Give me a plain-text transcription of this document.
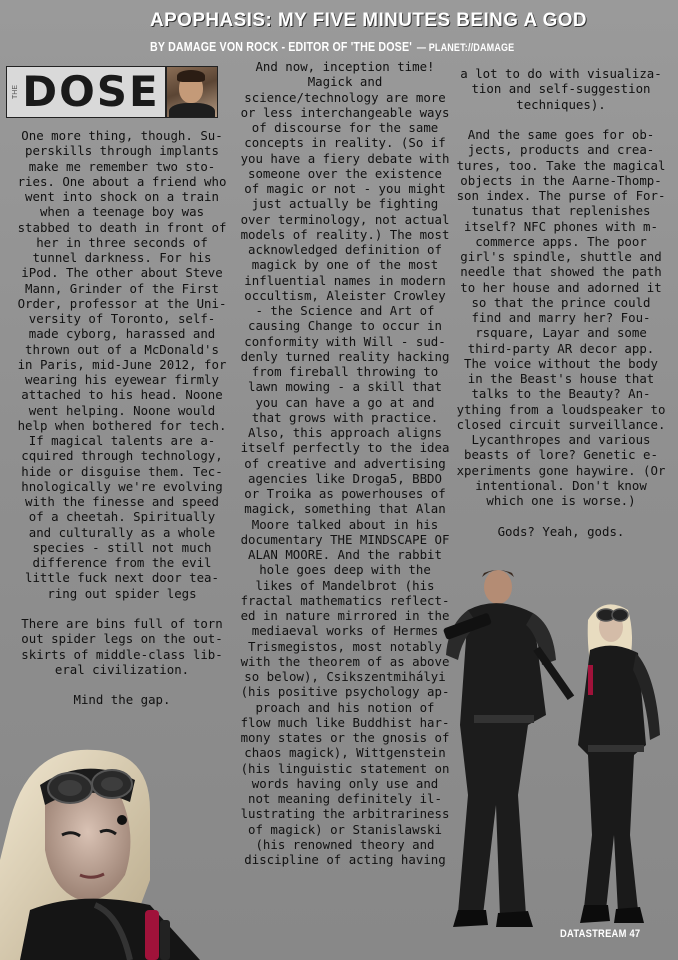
APOPHASIS: MY FIVE MINUTES BEING A GOD
BY DAMAGE VON ROCK - EDITOR OF 'THE DOSE' — PLANET://DAMAGE
THE DOSE
One more thing, though. Su-
perskills through implants
make me remember two sto-
ries. One about a friend who
went into shock on a train
when a teenage boy was
stabbed to death in front of
her in three seconds of
tunnel darkness. For his
iPod. The other about Steve
Mann, Grinder of the First
Order, professor at the Uni-
versity of Toronto, self-
made cyborg, harassed and
thrown out of a McDonald's
in Paris, mid-June 2012, for
wearing his eyewear firmly
attached to his head. Noone
went helping. Noone would
help when bothered for tech.
If magical talents are a-
cquired through technology,
hide or disguise them. Tec-
hnologically we're evolving
with the finesse and speed
of a cheetah. Spiritually
and culturally as a whole
species - still not much
difference from the evil
little fuck next door tea-
ring out spider legs

There are bins full of torn
out spider legs on the out-
skirts of middle-class lib-
eral civilization.

Mind the gap.
And now, inception time!
Magick and
science/technology are more
or less interchangeable ways
of discourse for the same
concepts in reality. (So if
you have a fiery debate with
someone over the existence
of magic or not - you might
just actually be fighting
over terminology, not actual
models of reality.) The most
acknowledged definition of
magick by one of the most
influential names in modern
occultism, Aleister Crowley
- the Science and Art of
causing Change to occur in
conformity with Will - sud-
denly turned reality hacking
from fireball throwing to
lawn mowing - a skill that
you can have a go at and
that grows with practice.
Also, this approach aligns
itself perfectly to the idea
of creative and advertising
agencies like Droga5, BBDO
or Troika as powerhouses of
magick, something that Alan
Moore talked about in his
documentary THE MINDSCAPE OF
ALAN MOORE. And the rabbit
hole goes deep with the
likes of Mandelbrot (his
fractal mathematics reflect-
ed in nature mirrored in the
mediaeval works of Hermes
Trismegistos, most notably
with the theorem of as above
so below), Csikszentmihályi
(his positive psychology ap-
proach and his notion of
flow much like Buddhist har-
mony states or the gnosis of
chaos magick), Wittgenstein
(his linguistic statement on
words having only use and
not meaning definitely il-
lustrating the arbitrariness
of magick) or Stanislawski
(his renowned theory and
discipline of acting having
a lot to do with visualiza-
tion and self-suggestion
techniques).

And the same goes for ob-
jects, products and crea-
tures, too. Take the magical
objects in the Aarne-Thomp-
son index. The purse of For-
tunatus that replenishes
itself? NFC phones with m-
commerce apps. The poor
girl's spindle, shuttle and
needle that showed the path
to her house and adorned it
so that the prince could
find and marry her? Fou-
rsquare, Layar and some
third-party AR decor app.
The voice without the body
in the Beast's house that
talks to the Beauty? An-
ything from a loudspeaker to
closed circuit surveillance.
Lycanthropes and various
beasts of lore? Genetic e-
xperiments gone haywire. (Or
intentional. Don't know
which one is worse.)

Gods? Yeah, gods.
DATASTREAM 47
